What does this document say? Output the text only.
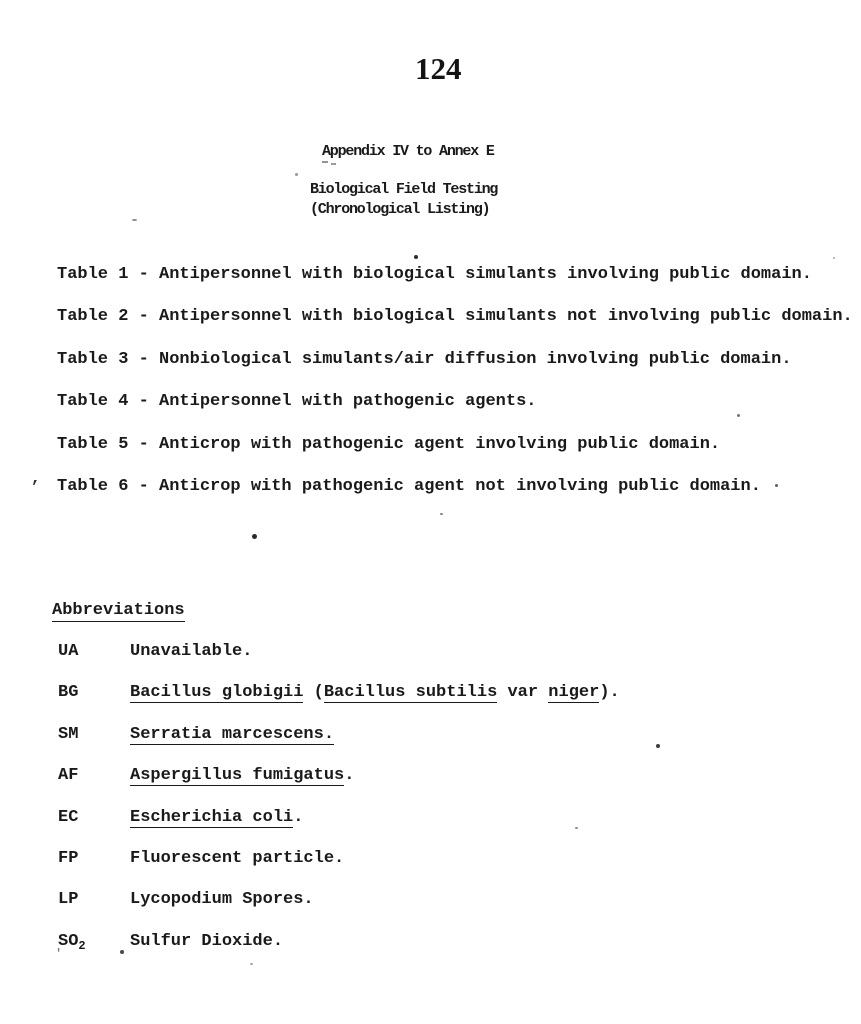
124
Appendix IV to Annex E
Biological Field Testing
(Chronological Listing)
Table 1 - Antipersonnel with biological simulants involving public domain.
Table 2 - Antipersonnel with biological simulants not involving public domain.
Table 3 - Nonbiological simulants/air diffusion involving public domain.
Table 4 - Antipersonnel with pathogenic agents.
Table 5 - Anticrop with pathogenic agent involving public domain.
Table 6 - Anticrop with pathogenic agent not involving public domain.
Abbreviations
UA	Unavailable.
BG	Bacillus globigii (Bacillus subtilis var niger).
SM	Serratia marcescens.
AF	Aspergillus fumigatus.
EC	Escherichia coli.
FP	Fluorescent particle.
LP	Lycopodium Spores.
$SO_2$	Sulfur Dioxide.
,
'
